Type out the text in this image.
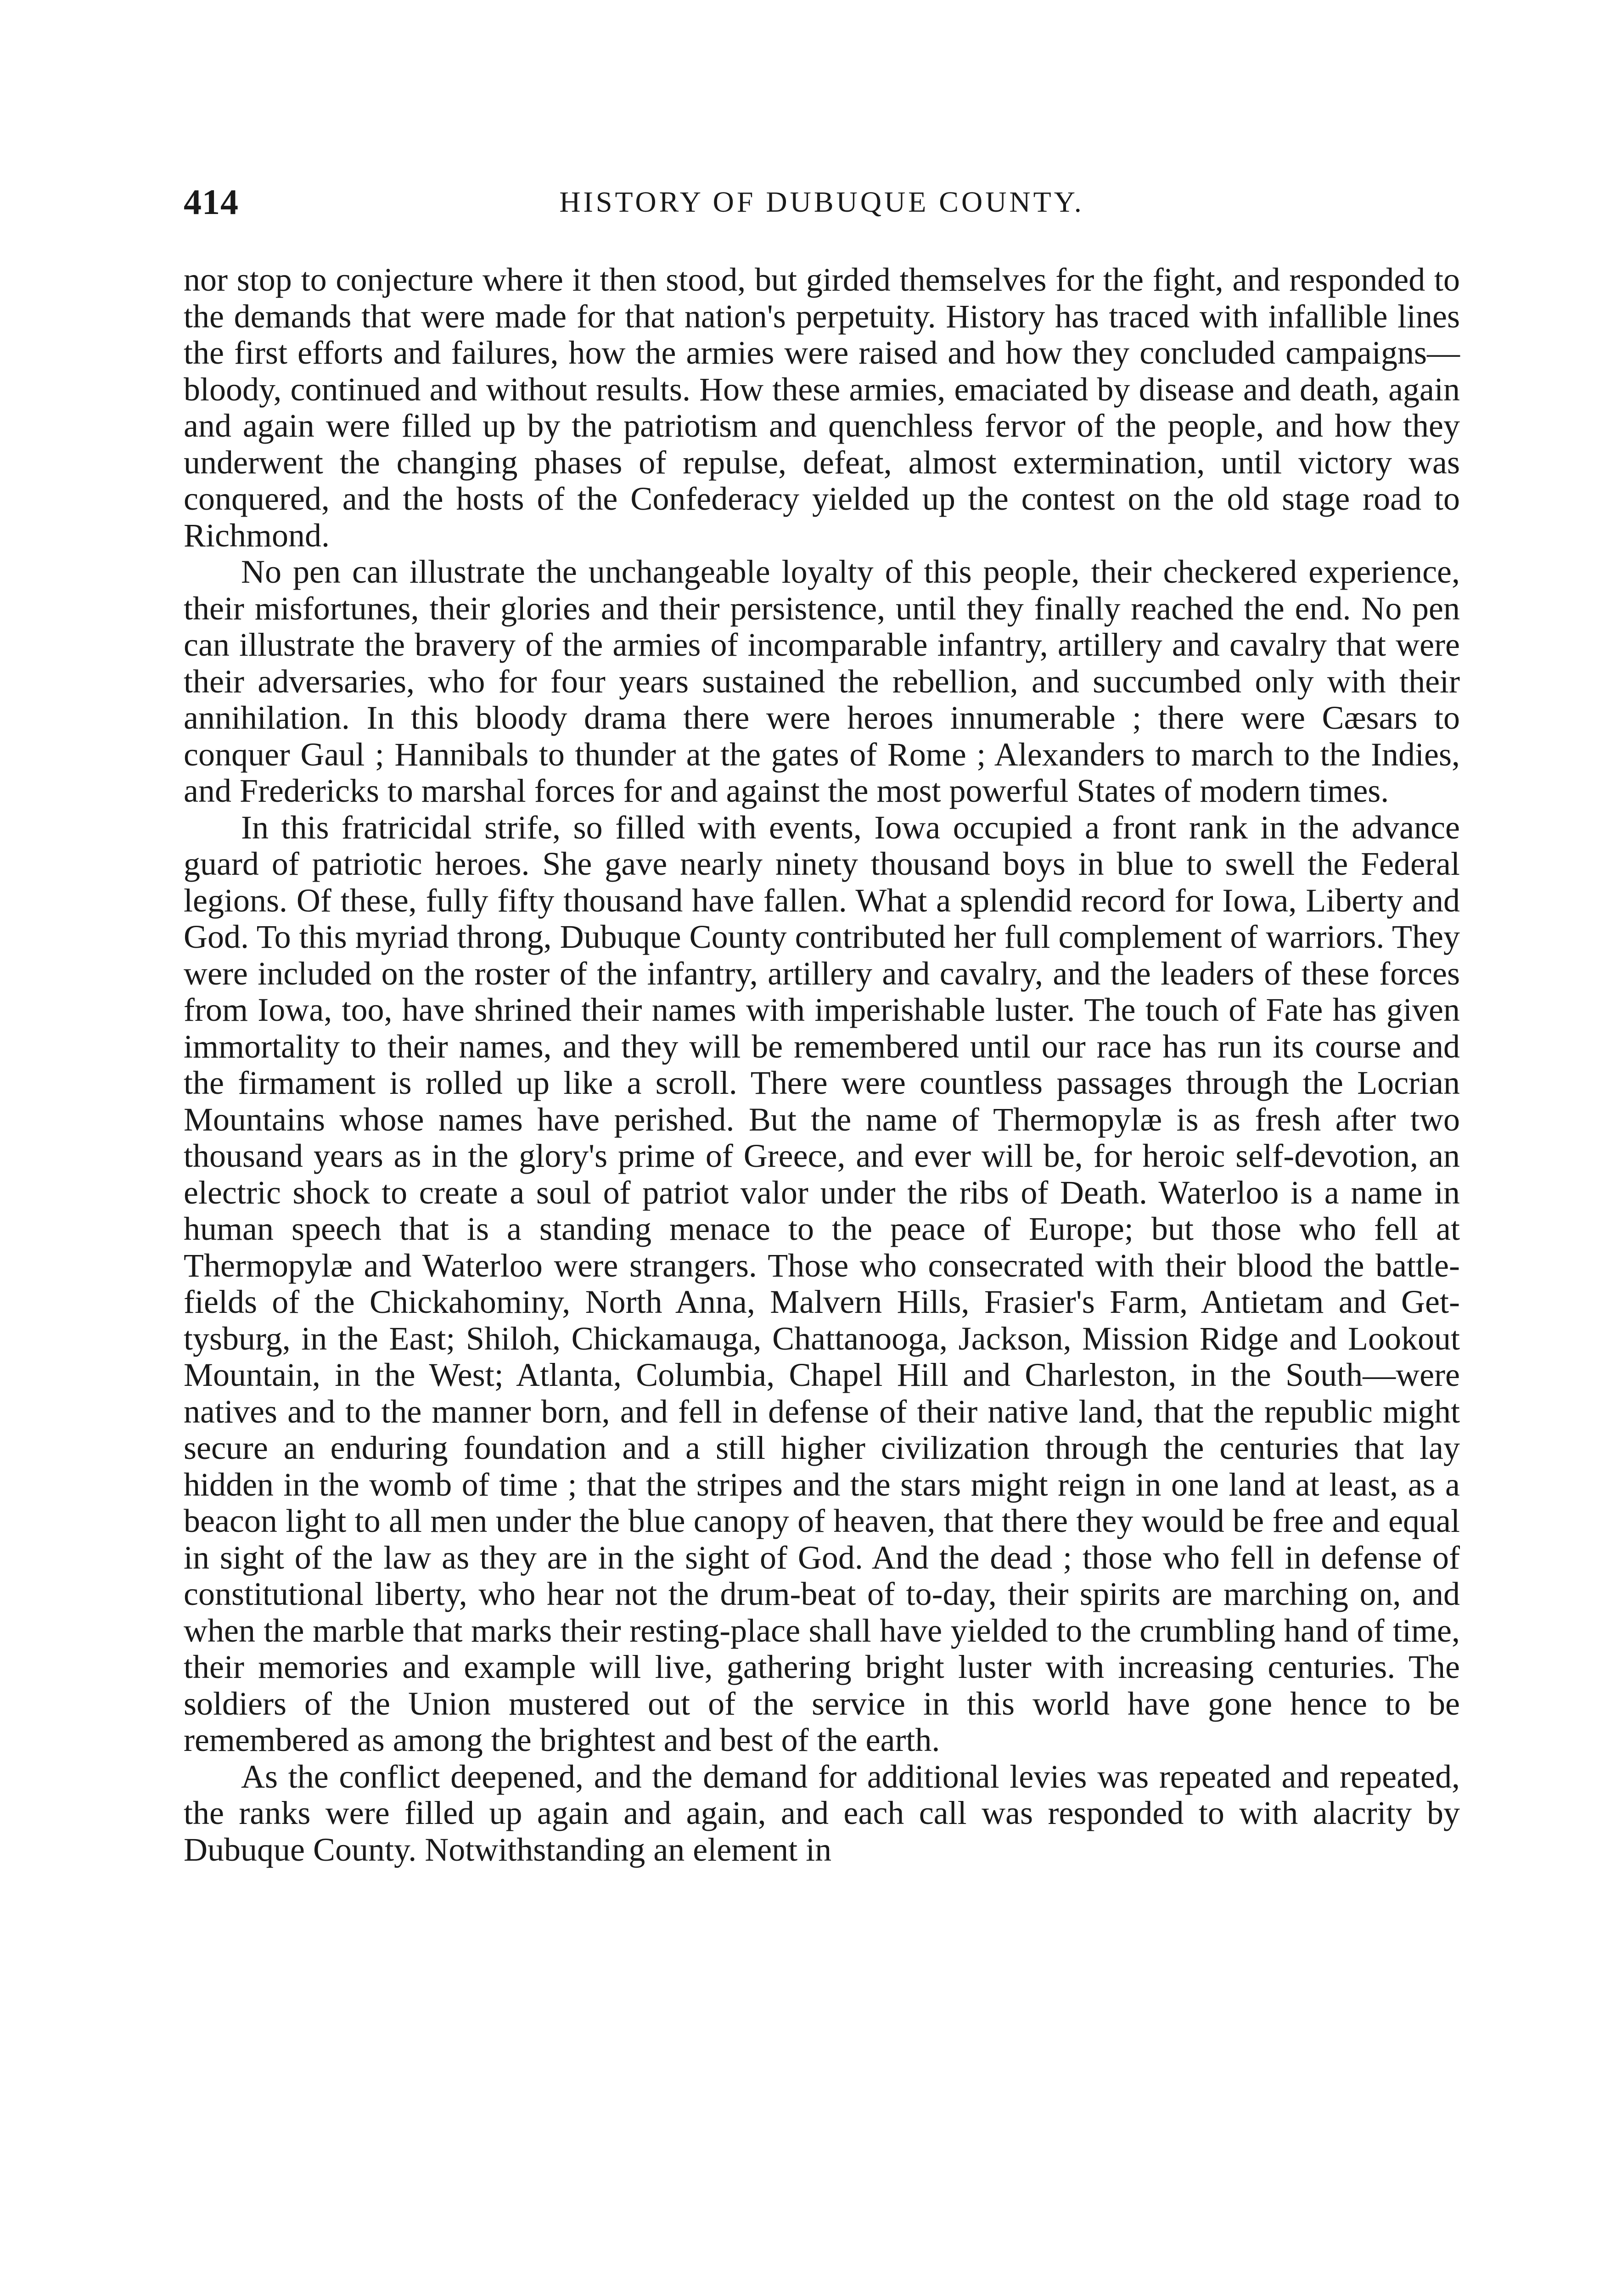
414	HISTORY OF DUBUQUE COUNTY.

nor stop to conjecture where it then stood, but girded themselves for the fight, and responded to the demands that were made for that nation's perpetuity. History has traced with infallible lines the first efforts and failures, how the armies were raised and how they concluded campaigns—bloody, continued and without results. How these armies, emaciated by disease and death, again and again were filled up by the patriotism and quenchless fervor of the people, and how they underwent the changing phases of repulse, defeat, almost extermination, until victory was conquered, and the hosts of the Confederacy yielded up the contest on the old stage road to Richmond.

No pen can illustrate the unchangeable loyalty of this people, their checkered experience, their misfortunes, their glories and their persistence, until they finally reached the end. No pen can illustrate the bravery of the armies of incomparable infantry, artillery and cavalry that were their adversaries, who for four years sustained the rebellion, and succumbed only with their annihilation. In this bloody drama there were heroes innumerable ; there were Cæsars to conquer Gaul ; Hannibals to thunder at the gates of Rome ; Alexanders to march to the Indies, and Fredericks to marshal forces for and against the most powerful States of modern times.

In this fratricidal strife, so filled with events, Iowa occupied a front rank in the advance guard of patriotic heroes. She gave nearly ninety thousand boys in blue to swell the Federal legions. Of these, fully fifty thousand have fallen. What a splendid record for Iowa, Liberty and God. To this myriad throng, Dubuque County contributed her full complement of warriors. They were included on the roster of the infantry, artillery and cavalry, and the leaders of these forces from Iowa, too, have shrined their names with imperishable luster. The touch of Fate has given immortality to their names, and they will be remembered until our race has run its course and the firmament is rolled up like a scroll. There were countless passages through the Locrian Mountains whose names have perished. But the name of Thermopylæ is as fresh after two thousand years as in the glory's prime of Greece, and ever will be, for heroic self-devotion, an electric shock to create a soul of patriot valor under the ribs of Death. Waterloo is a name in human speech that is a standing menace to the peace of Europe; but those who fell at Thermopylæ and Waterloo were strangers. Those who consecrated with their blood the battle-fields of the Chickahominy, North Anna, Malvern Hills, Frasier's Farm, Antietam and Gettysburg, in the East; Shiloh, Chickamauga, Chattanooga, Jackson, Mission Ridge and Lookout Mountain, in the West; Atlanta, Columbia, Chapel Hill and Charleston, in the South—were natives and to the manner born, and fell in defense of their native land, that the republic might secure an enduring foundation and a still higher civilization through the centuries that lay hidden in the womb of time ; that the stripes and the stars might reign in one land at least, as a beacon light to all men under the blue canopy of heaven, that there they would be free and equal in sight of the law as they are in the sight of God. And the dead ; those who fell in defense of constitutional liberty, who hear not the drum-beat of to-day, their spirits are marching on, and when the marble that marks their resting-place shall have yielded to the crumbling hand of time, their memories and example will live, gathering bright luster with increasing centuries. The soldiers of the Union mustered out of the service in this world have gone hence to be remembered as among the brightest and best of the earth.

As the conflict deepened, and the demand for additional levies was repeated and repeated, the ranks were filled up again and again, and each call was responded to with alacrity by Dubuque County. Notwithstanding an element in
